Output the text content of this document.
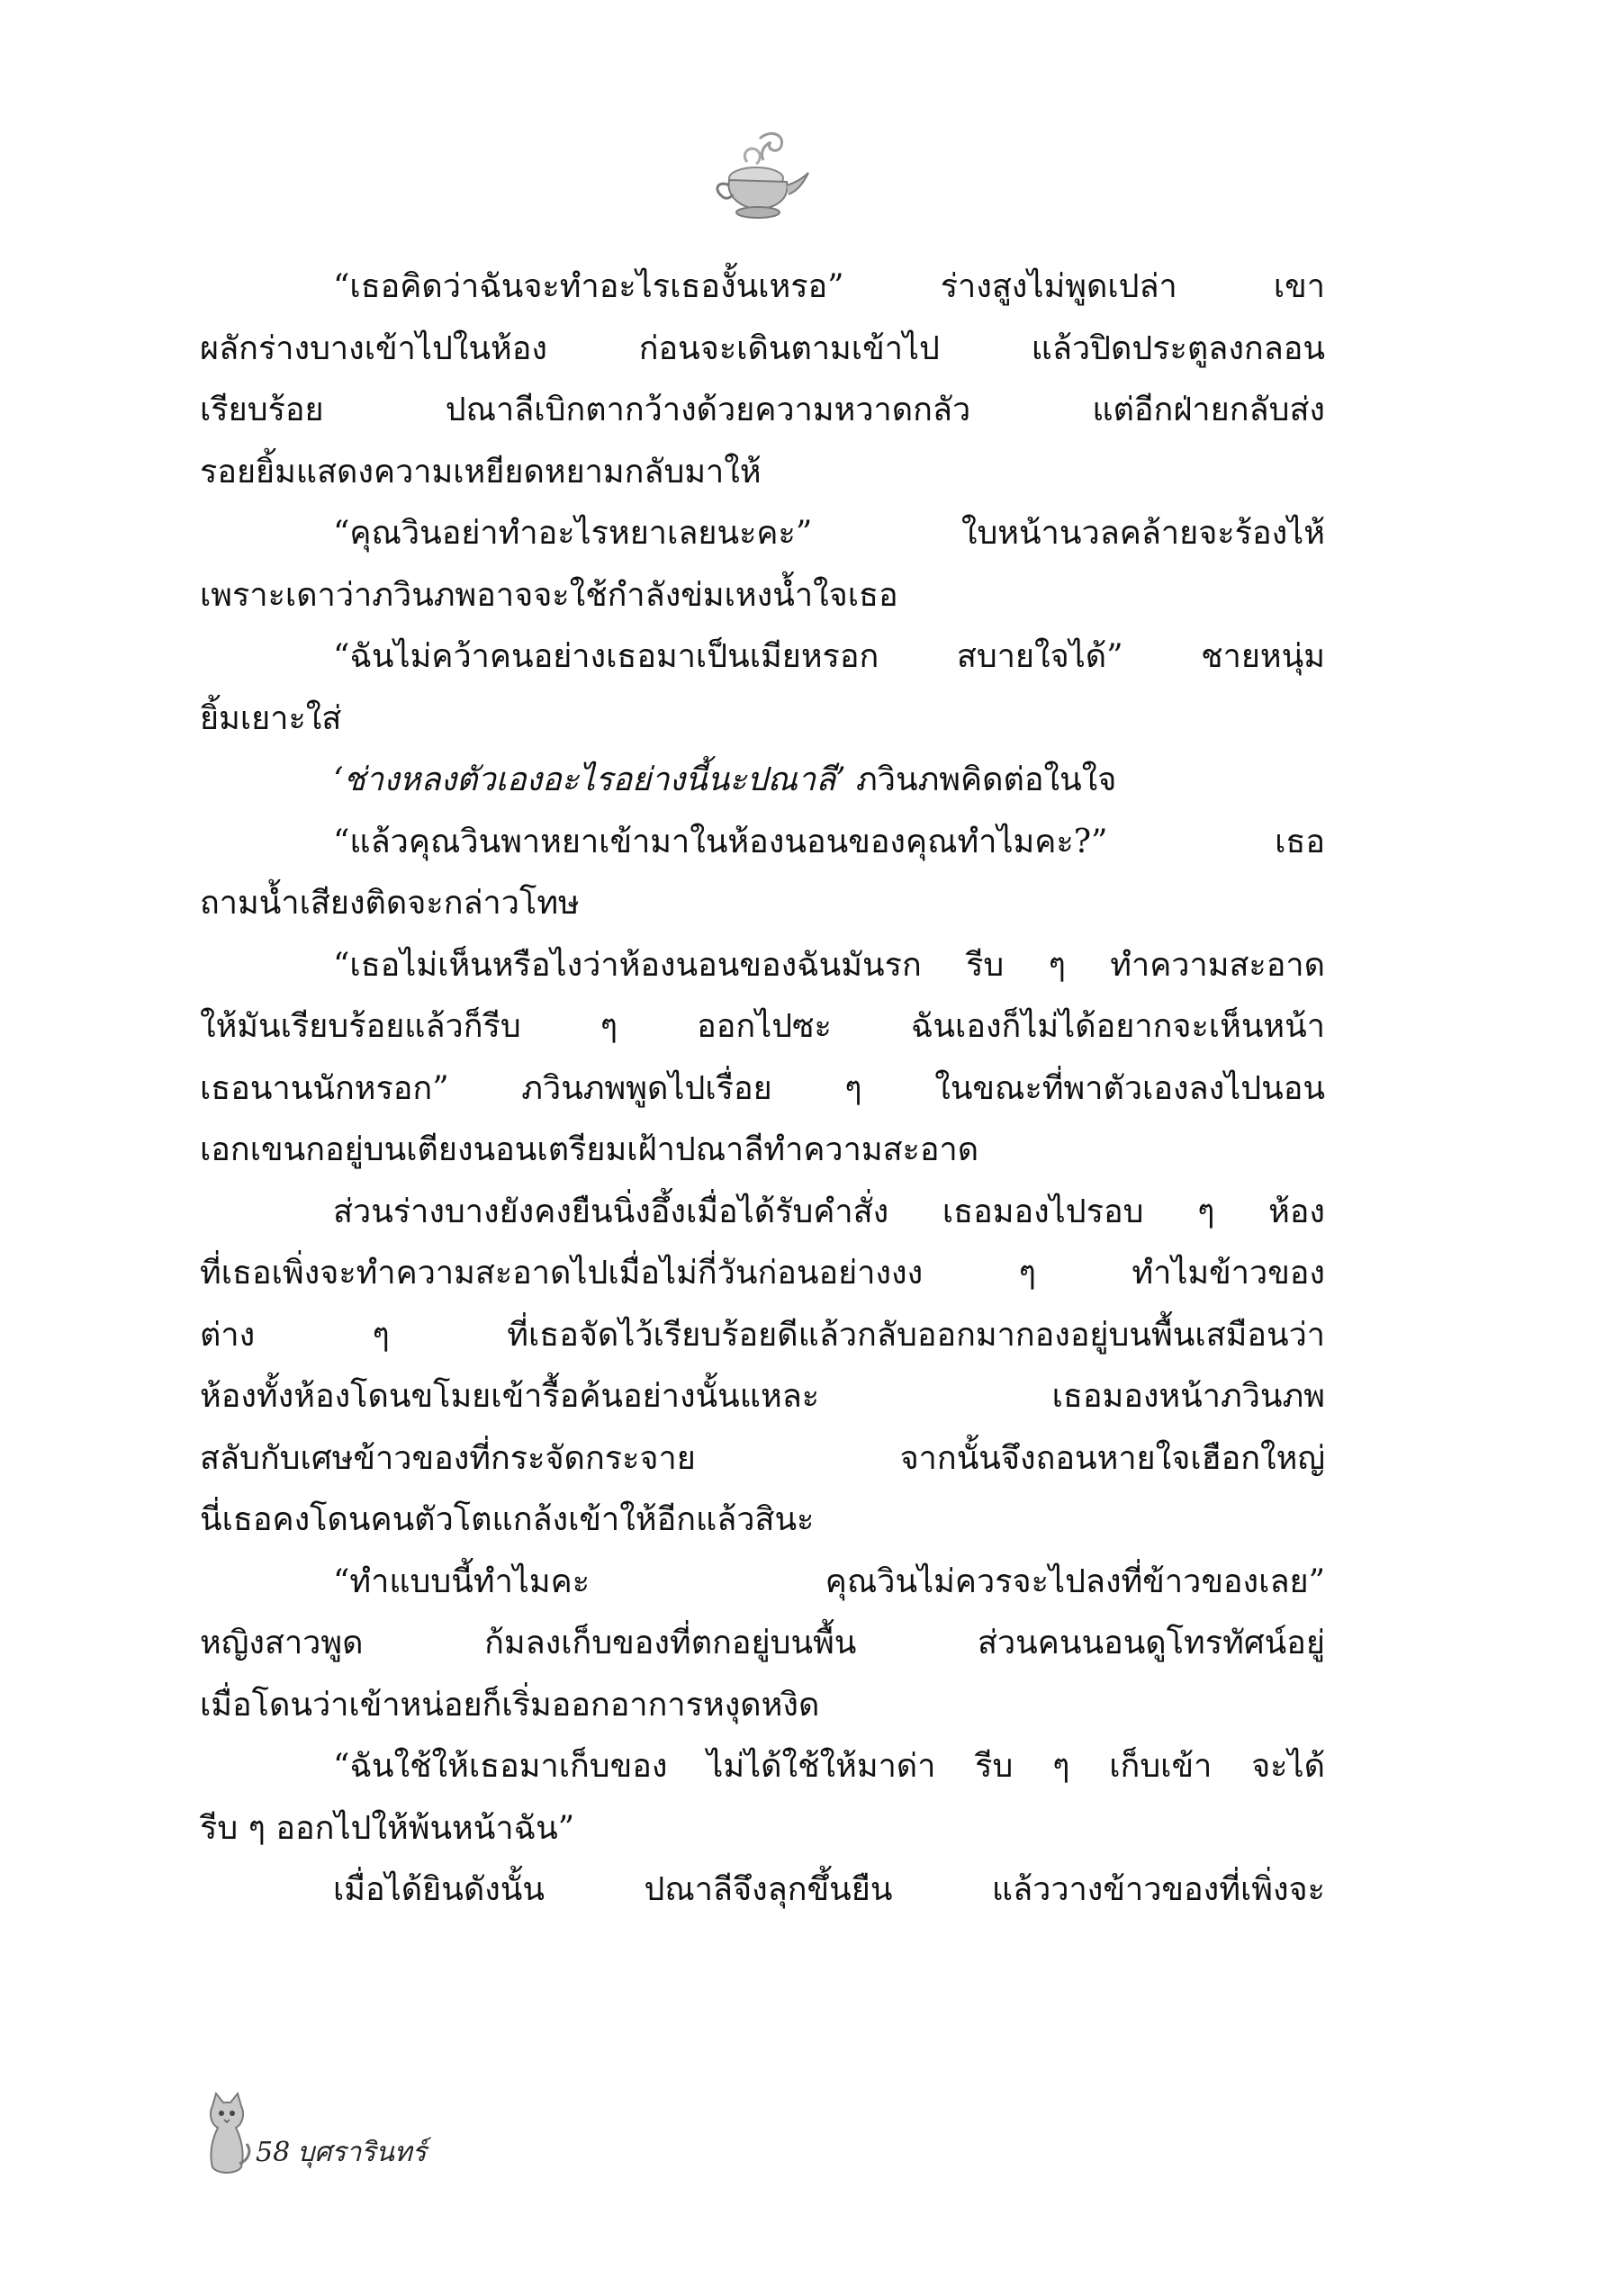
“เธอคิดว่าฉันจะทำอะไรเธองั้นเหรอ” ร่างสูงไม่พูดเปล่า เขา
ผลักร่างบางเข้าไปในห้อง ก่อนจะเดินตามเข้าไป แล้วปิดประตูลงกลอน
เรียบร้อย ปณาลีเบิกตากว้างด้วยความหวาดกลัว แต่อีกฝ่ายกลับส่ง
รอยยิ้มแสดงความเหยียดหยามกลับมาให้
“คุณวินอย่าทำอะไรหยาเลยนะคะ” ใบหน้านวลคล้ายจะร้องไห้
เพราะเดาว่าภวินภพอาจจะใช้กำลังข่มเหงน้ำใจเธอ
“ฉันไม่คว้าคนอย่างเธอมาเป็นเมียหรอก สบายใจได้” ชายหนุ่ม
ยิ้มเยาะใส่
‘ช่างหลงตัวเองอะไรอย่างนี้นะปณาลี’ ภวินภพคิดต่อในใจ
“แล้วคุณวินพาหยาเข้ามาในห้องนอนของคุณทำไมคะ?” เธอ
ถามน้ำเสียงติดจะกล่าวโทษ
“เธอไม่เห็นหรือไงว่าห้องนอนของฉันมันรก รีบ ๆ ทำความสะอาด
ให้มันเรียบร้อยแล้วก็รีบ ๆ ออกไปซะ ฉันเองก็ไม่ได้อยากจะเห็นหน้า
เธอนานนักหรอก” ภวินภพพูดไปเรื่อย ๆ ในขณะที่พาตัวเองลงไปนอน
เอกเขนกอยู่บนเตียงนอนเตรียมเฝ้าปณาลีทำความสะอาด
ส่วนร่างบางยังคงยืนนิ่งอึ้งเมื่อได้รับคำสั่ง เธอมองไปรอบ ๆ ห้อง
ที่เธอเพิ่งจะทำความสะอาดไปเมื่อไม่กี่วันก่อนอย่างงง ๆ ทำไมข้าวของ
ต่าง ๆ ที่เธอจัดไว้เรียบร้อยดีแล้วกลับออกมากองอยู่บนพื้นเสมือนว่า
ห้องทั้งห้องโดนขโมยเข้ารื้อค้นอย่างนั้นแหละ เธอมองหน้าภวินภพ
สลับกับเศษข้าวของที่กระจัดกระจาย จากนั้นจึงถอนหายใจเฮือกใหญ่
นี่เธอคงโดนคนตัวโตแกล้งเข้าให้อีกแล้วสินะ
“ทำแบบนี้ทำไมคะ คุณวินไม่ควรจะไปลงที่ข้าวของเลย”
หญิงสาวพูด ก้มลงเก็บของที่ตกอยู่บนพื้น ส่วนคนนอนดูโทรทัศน์อยู่
เมื่อโดนว่าเข้าหน่อยก็เริ่มออกอาการหงุดหงิด
“ฉันใช้ให้เธอมาเก็บของ ไม่ได้ใช้ให้มาด่า รีบ ๆ เก็บเข้า จะได้
รีบ ๆ ออกไปให้พ้นหน้าฉัน”
เมื่อได้ยินดังนั้น ปณาลีจึงลุกขึ้นยืน แล้ววางข้าวของที่เพิ่งจะ
58 บุศรารินทร์
